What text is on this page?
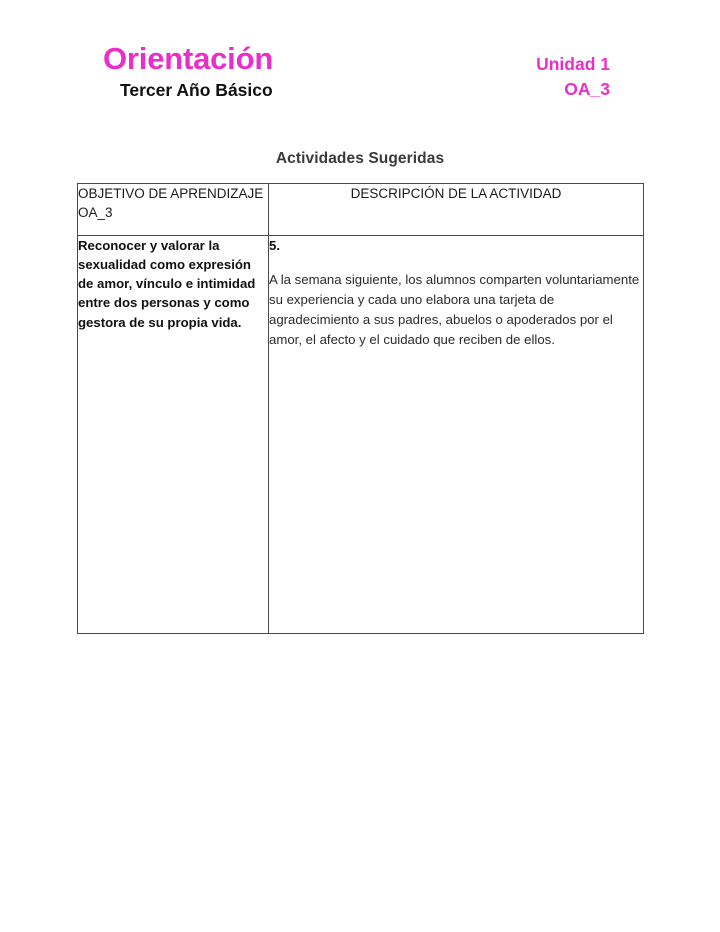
Orientación
Tercer Año Básico
Unidad 1
OA_3
Actividades Sugeridas
OBJETIVO DE APRENDIZAJE OA_3	DESCRIPCIÓN DE LA ACTIVIDAD
Reconocer y valorar la sexualidad como expresión de amor, vínculo e intimidad entre dos personas y como gestora de su propia vida.	5.

A la semana siguiente, los alumnos comparten voluntariamente su experiencia y cada uno elabora una tarjeta de agradecimiento a sus padres, abuelos o apoderados por el amor, el afecto y el cuidado que reciben de ellos.
